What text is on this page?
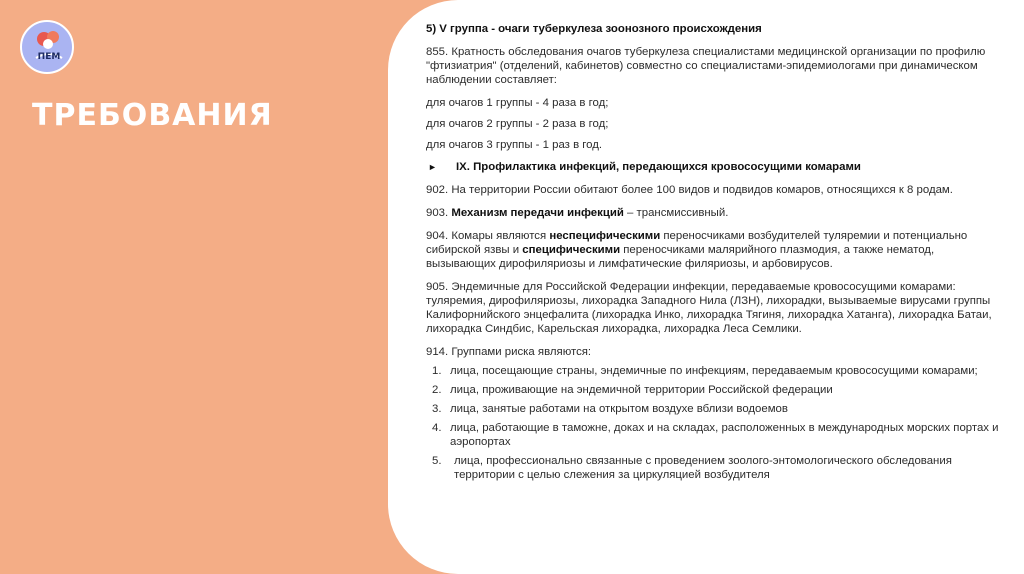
ПЕМ
ТРЕБОВАНИЯ

5) V группа - очаги туберкулеза зоонозного происхождения

855. Кратность обследования очагов туберкулеза специалистами медицинской организации по профилю "фтизиатрия" (отделений, кабинетов) совместно со специалистами-эпидемиологами при динамическом наблюдении составляет:

для очагов 1 группы - 4 раза в год;

для очагов 2 группы - 2 раза в год;

для очагов 3 группы - 1 раз в год.

►	IX. Профилактика инфекций, передающихся кровососущими комарами

902. На территории России обитают более 100 видов и подвидов комаров, относящихся к 8 родам.

903. Механизм передачи инфекций – трансмиссивный.

904. Комары являются неспецифическими переносчиками возбудителей туляремии и потенциально сибирской язвы и специфическими переносчиками малярийного плазмодия, а также нематод, вызывающих дирофиляриозы и лимфатические филяриозы, и арбовирусов.

905. Эндемичные для Российской Федерации инфекции, передаваемые кровососущими комарами: туляремия, дирофиляриозы, лихорадка Западного Нила (ЛЗН), лихорадки, вызываемые вирусами группы Калифорнийского энцефалита (лихорадка Инко, лихорадка Тягиня, лихорадка Хатанга), лихорадка Батаи, лихорадка Синдбис, Карельская лихорадка, лихорадка Леса Семлики.

914. Группами риска являются:

1. лица, посещающие страны, эндемичные по инфекциям, передаваемым кровососущими комарами;
2. лица, проживающие на эндемичной территории Российской федерации
3. лица, занятые работами на открытом воздухе вблизи водоемов
4. лица, работающие в таможне, доках и на складах, расположенных в международных морских портах и аэропортах
5.	лица, профессионально связанные с проведением зоолого-энтомологического обследования территории с целью слежения за циркуляцией возбудителя
